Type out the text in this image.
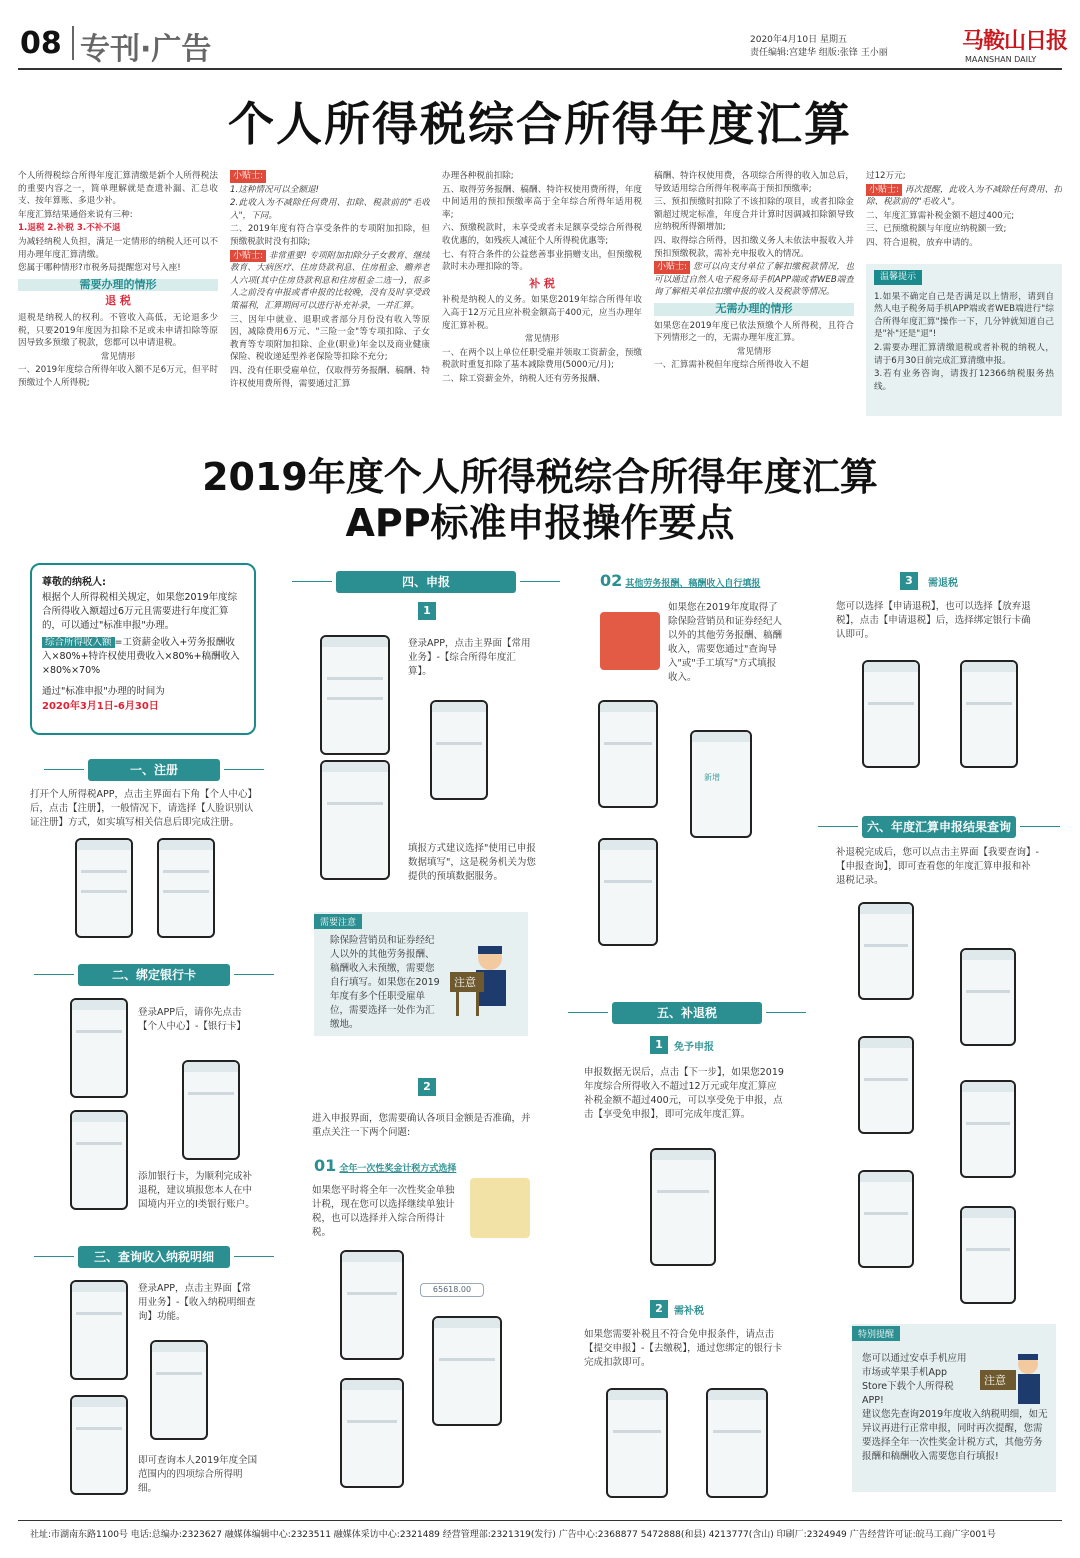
08 专刊·广告	2020年4月10日 星期五
责任编辑:宫建华 组版:张锋 王小丽	马鞍山日报
MAANSHAN DAILY
个人所得税综合所得年度汇算

个人所得税综合所得年度汇算清缴是新个人所得税法的重要内容之一，简单理解就是查遗补漏、汇总收支、按年算账、多退少补。

年度汇算结果通俗来说有三种:

1.退税 2.补税 3.不补不退

为减轻纳税人负担，满足一定情形的纳税人还可以不用办理年度汇算清缴。

您属于哪种情形?市税务局提醒您对号入座!

需要办理的情形
退 税

退税是纳税人的权利。不管收入高低，无论退多少税，只要2019年度因为扣除不足或未申请扣除等原因导致多预缴了税款，您都可以申请退税。

常见情形

一、2019年度综合所得年收入额不足6万元，但平时预缴过个人所得税;

小贴士:

1.这种情况可以全额退!

2.此收入为不减除任何费用、扣除、税款前的"毛收入"，下同。

二、2019年度有符合享受条件的专项附加扣除，但预缴税款时没有扣除;

小贴士: 非常重要! 专项附加扣除分子女教育、继续教育、大病医疗、住房贷款利息、住房租金、赡养老人六项(其中住房贷款利息和住房租金二选一)，很多人之前没有申报或者申报的比较晚，没有及时享受政策福利，汇算期间可以进行补充补录，一并汇算。

三、因年中就业、退职或者部分月份没有收入等原因，减除费用6万元、"三险一金"等专项扣除、子女教育等专项附加扣除、企业(职业)年金以及商业健康保险、税收递延型养老保险等扣除不充分;

四、没有任职受雇单位，仅取得劳务报酬、稿酬、特许权使用费所得，需要通过汇算

办理各种税前扣除;

五、取得劳务报酬、稿酬、特许权使用费所得，年度中间适用的预扣预缴率高于全年综合所得年适用税率;

六、预缴税款时，未享受或者未足额享受综合所得税收优惠的，如残疾人减征个人所得税优惠等;

七、有符合条件的公益慈善事业捐赠支出，但预缴税款时未办理扣除的等。

补 税

补税是纳税人的义务。如果您2019年综合所得年收入高于12万元且应补税金额高于400元，应当办理年度汇算补税。

常见情形

一、在两个以上单位任职受雇并领取工资薪金，预缴税款时重复扣除了基本减除费用(5000元/月);

二、除工资薪金外，纳税人还有劳务报酬、

稿酬、特许权使用费，各项综合所得的收入加总后，导致适用综合所得年税率高于预扣预缴率;

三、预扣预缴时扣除了不该扣除的项目，或者扣除金额超过规定标准，年度合并计算时因调减扣除额导致应纳税所得额增加;

四、取得综合所得，因扣缴义务人未依法申报收入并预扣预缴税款，需补充申报收入的情况。

小贴士: 您可以向支付单位了解扣缴税款情况，也可以通过自然人电子税务局手机APP端或者WEB端查询了解相关单位扣缴申报的收入及税款等情况。

无需办理的情形

如果您在2019年度已依法预缴个人所得税，且符合下列情形之一的，无需办理年度汇算。

常见情形

一、汇算需补税但年度综合所得收入不超

过12万元;

小贴士: 再次提醒，此收入为不减除任何费用、扣除、税款前的"毛收入"。

二、年度汇算需补税金额不超过400元;

三、已预缴税额与年度应纳税额一致;

四、符合退税，放弃申请的。

温馨提示

1.如果不确定自己是否满足以上情形，请到自然人电子税务局手机APP端或者WEB端进行"综合所得年度汇算"操作一下，几分钟就知道自己是"补"还是"退"!

2.需要办理汇算清缴退税或者补税的纳税人，请于6月30日前完成汇算清缴申报。

3.若有业务咨询，请拨打12366纳税服务热线。

2019年度个人所得税综合所得年度汇算
APP标准申报操作要点
尊敬的纳税人:
根据个人所得税相关规定，如果您2019年度综合所得收入额超过6万元且需要进行年度汇算的，可以通过"标准申报"办理。
综合所得收入额 =工资薪金收入+劳务报酬收入×80%+特许权使用费收入×80%+稿酬收入×80%×70%
通过"标准申报"办理的时间为
2020年3月1日-6月30日
一、注册
打开个人所得税APP，点击主界面右下角【个人中心】后，点击【注册】，一般情况下，请选择【人脸识别认证注册】方式，如实填写相关信息后即完成注册。
二、绑定银行卡
登录APP后，请你先点击【个人中心】-【银行卡】
添加银行卡，为顺利完成补退税，建议填报您本人在中国境内开立的I类银行账户。
三、查询收入纳税明细
登录APP，点击主界面【常用业务】-【收入纳税明细查询】功能。
即可查询本人2019年度全国范围内的四项综合所得明细。
四、申报
1
登录APP，点击主界面【常用业务】-【综合所得年度汇算】。
填报方式建议选择"使用已申报数据填写"，这是税务机关为您提供的预填数据服务。
需要注意
除保险营销员和证券经纪人以外的其他劳务报酬、稿酬收入未预缴，需要您自行填写。如果您在2019年度有多个任职受雇单位，需要选择一处作为汇缴地。
注意
2
进入申报界面，您需要确认各项目金额是否准确，并重点关注一下两个问题:
01 全年一次性奖金计税方式选择
如果您平时将全年一次性奖金单独计税，现在您可以选择继续单独计税，也可以选择并入综合所得计税。
65618.00
02 其他劳务报酬、稿酬收入自行填报
如果您在2019年度取得了除保险营销员和证券经纪人以外的其他劳务报酬、稿酬收入，需要您通过"查询导入"或"手工填写"方式填报收入。
新增
五、补退税
1	免予申报
申报数据无误后，点击【下一步】，如果您2019年度综合所得收入不超过12万元或年度汇算应补税金额不超过400元，可以享受免于申报，点击【享受免申报】，即可完成年度汇算。
2	需补税
如果您需要补税且不符合免申报条件，请点击【提交申报】-【去缴税】，通过您绑定的银行卡完成扣款即可。
3	需退税
您可以选择【申请退税】，也可以选择【放弃退税】，点击【申请退税】后，选择绑定银行卡确认即可。
六、年度汇算申报结果查询
补退税完成后，您可以点击主界面【我要查询】-【申报查询】，即可查看您的年度汇算申报和补退税记录。
特别提醒
您可以通过安卓手机应用市场或苹果手机App Store下载个人所得税APP!
建议您先查询2019年度收入纳税明细，如无异议再进行正常申报，同时再次提醒，您需要选择全年一次性奖金计税方式，其他劳务报酬和稿酬收入需要您自行填报!
注意
社址:市湖南东路1100号 电话:总编办:2323627 融媒体编辑中心:2323511 融媒体采访中心:2321489 经营管理部:2321319(发行) 广告中心:2368877 5472888(和县) 4213777(含山) 印刷厂:2324949 广告经营许可证:皖马工商广字001号
